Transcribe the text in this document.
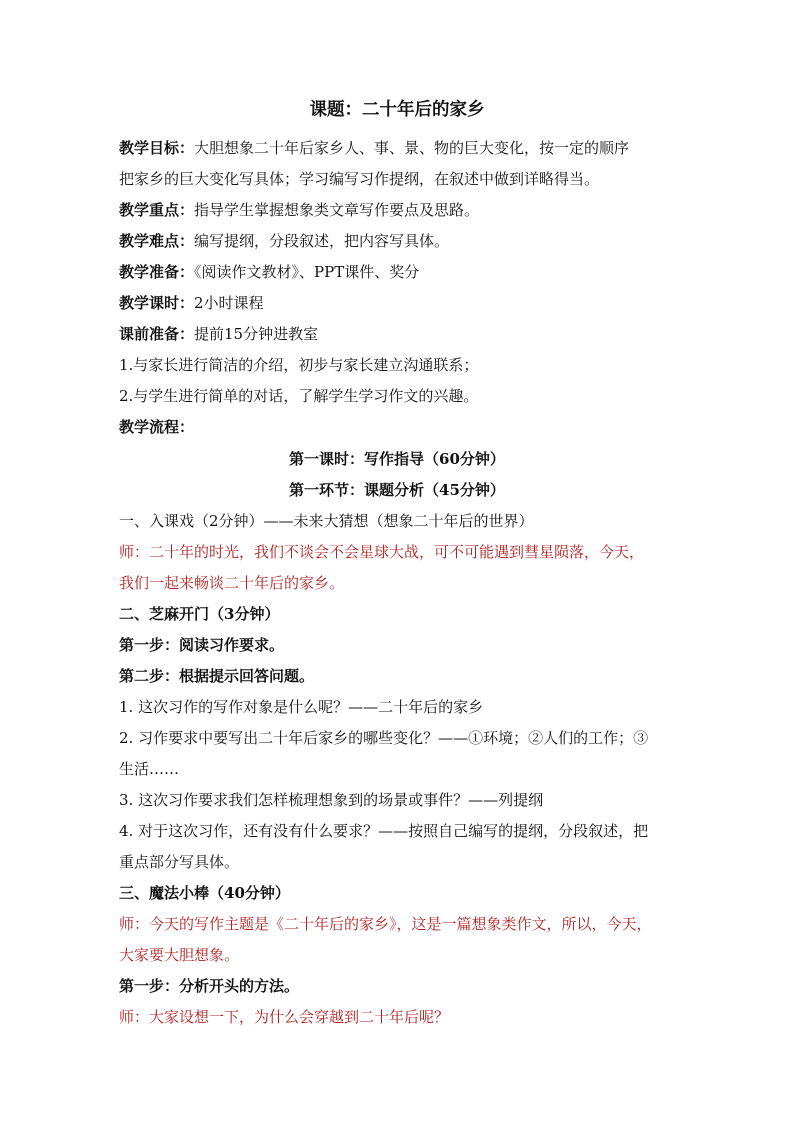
课题：二十年后的家乡
教学目标：大胆想象二十年后家乡人、事、景、物的巨大变化，按一定的顺序
把家乡的巨大变化写具体；学习编写习作提纲，在叙述中做到详略得当。
教学重点：指导学生掌握想象类文章写作要点及思路。
教学难点：编写提纲，分段叙述，把内容写具体。
教学准备：《阅读作文教材》、PPT课件、奖分
教学课时：2小时课程
课前准备：提前15分钟进教室
1.与家长进行简洁的介绍，初步与家长建立沟通联系；
2.与学生进行简单的对话，了解学生学习作文的兴趣。
教学流程：
第一课时：写作指导（60分钟）
第一环节：课题分析（45分钟）
一、入课戏（2分钟）——未来大猜想（想象二十年后的世界）
师：二十年的时光，我们不谈会不会星球大战，可不可能遇到彗星陨落，今天，
我们一起来畅谈二十年后的家乡。
二、芝麻开门（3分钟）
第一步：阅读习作要求。
第二步：根据提示回答问题。
1. 这次习作的写作对象是什么呢？——二十年后的家乡
2. 习作要求中要写出二十年后家乡的哪些变化？——①环境；②人们的工作；③
生活……
3. 这次习作要求我们怎样梳理想象到的场景或事件？——列提纲
4. 对于这次习作，还有没有什么要求？——按照自己编写的提纲，分段叙述，把
重点部分写具体。
三、魔法小棒（40分钟）
师：今天的写作主题是《二十年后的家乡》，这是一篇想象类作文，所以，今天，
大家要大胆想象。
第一步：分析开头的方法。
师：大家设想一下，为什么会穿越到二十年后呢？
